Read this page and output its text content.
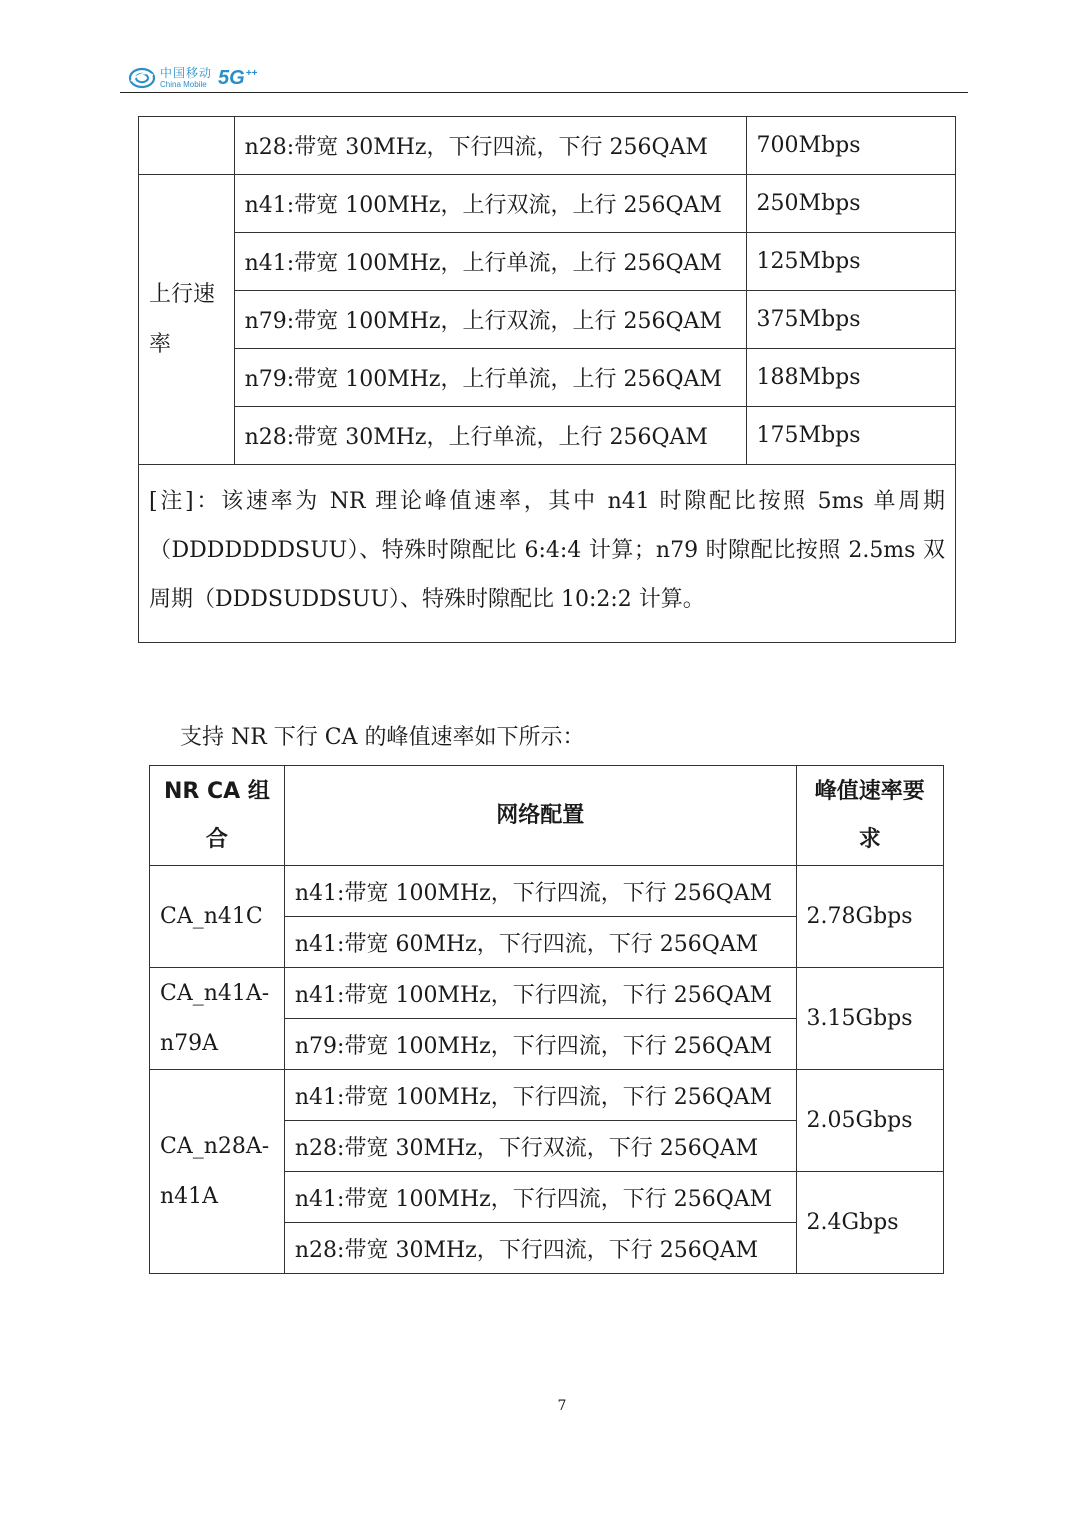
中国移动
China Mobile 5G++
	n28:带宽 30MHz，下行四流，下行 256QAM	700Mbps
上行速率	n41:带宽 100MHz，上行双流，上行 256QAM	250Mbps
	n41:带宽 100MHz，上行单流，上行 256QAM	125Mbps
	n79:带宽 100MHz，上行双流，上行 256QAM	375Mbps
	n79:带宽 100MHz，上行单流，上行 256QAM	188Mbps
	n28:带宽 30MHz，上行单流，上行 256QAM	175Mbps
[注]：该速率为 NR 理论峰值速率，其中 n41 时隙配比按照 5ms 单周期（DDDDDDDSUU）、特殊时隙配比 6:4:4 计算；n79 时隙配比按照 2.5ms 双周期（DDDSUDDSUU）、特殊时隙配比 10:2:2 计算。		
支持 NR 下行 CA 的峰值速率如下所示：
NR CA 组合	网络配置	峰值速率要求
CA_n41C	n41:带宽 100MHz，下行四流，下行 256QAM	2.78Gbps
	n41:带宽 60MHz，下行四流，下行 256QAM	
CA_n41A-n79A	n41:带宽 100MHz，下行四流，下行 256QAM	3.15Gbps
	n79:带宽 100MHz，下行四流，下行 256QAM	
CA_n28A-n41A	n41:带宽 100MHz，下行四流，下行 256QAM	2.05Gbps
	n28:带宽 30MHz，下行双流，下行 256QAM	
	n41:带宽 100MHz，下行四流，下行 256QAM	2.4Gbps
	n28:带宽 30MHz，下行四流，下行 256QAM	
7
